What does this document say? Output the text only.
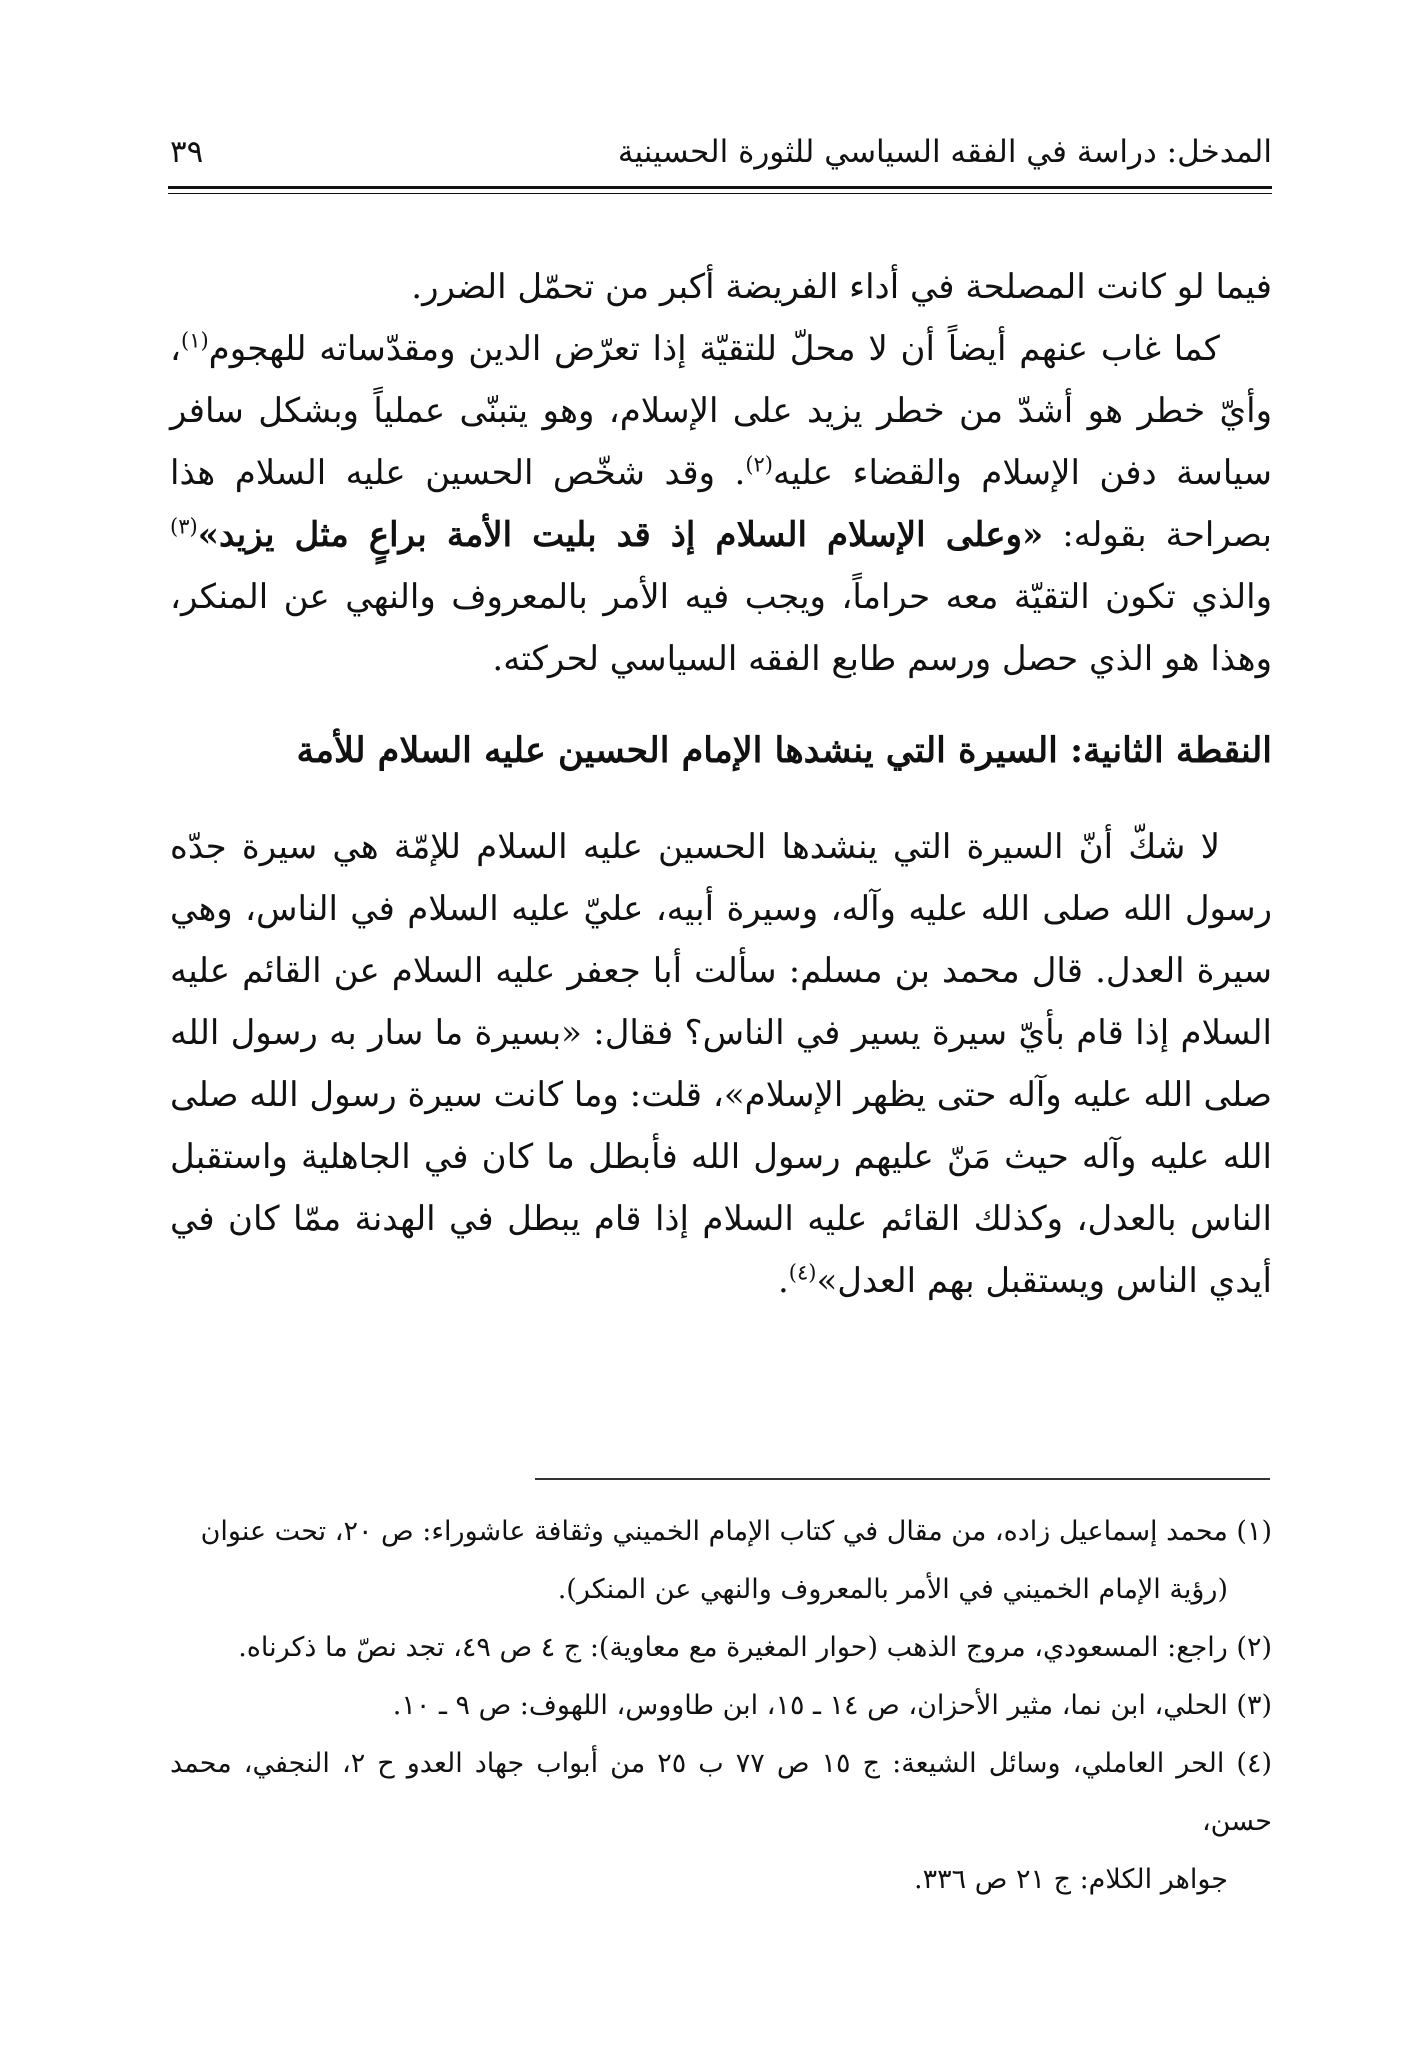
المدخل: دراسة في الفقه السياسي للثورة الحسينية
٣٩

فيما لو كانت المصلحة في أداء الفريضة أكبر من تحمّل الضرر.

كما غاب عنهم أيضاً أن لا محلّ للتقيّة إذا تعرّض الدين ومقدّساته للهجوم$^{(١)}$، وأيّ خطر هو أشدّ من خطر يزيد على الإسلام، وهو يتبنّى عملياً وبشكل سافر سياسة دفن الإسلام والقضاء عليه$^{(٢)}$. وقد شخّص الحسين عليه السلام هذا بصراحة بقوله: «وعلى الإسلام السلام إذ قد بليت الأمة براعٍ مثل يزيد»$^{(٣)}$ والذي تكون التقيّة معه حراماً، ويجب فيه الأمر بالمعروف والنهي عن المنكر، وهذا هو الذي حصل ورسم طابع الفقه السياسي لحركته.

النقطة الثانية: السيرة التي ينشدها الإمام الحسين عليه السلام للأمة

لا شكّ أنّ السيرة التي ينشدها الحسين عليه السلام للإمّة هي سيرة جدّه رسول الله صلى الله عليه وآله، وسيرة أبيه، عليّ عليه السلام في الناس، وهي سيرة العدل. قال محمد بن مسلم: سألت أبا جعفر عليه السلام عن القائم عليه السلام إذا قام بأيّ سيرة يسير في الناس؟ فقال: «بسيرة ما سار به رسول الله صلى الله عليه وآله حتى يظهر الإسلام»، قلت: وما كانت سيرة رسول الله صلى الله عليه وآله حيث مَنّ عليهم رسول الله فأبطل ما كان في الجاهلية واستقبل الناس بالعدل، وكذلك القائم عليه السلام إذا قام يبطل في الهدنة ممّا كان في أيدي الناس ويستقبل بهم العدل»$^{(٤)}$.

(١) محمد إسماعيل زاده، من مقال في كتاب الإمام الخميني وثقافة عاشوراء: ص ٢٠، تحت عنوان

(رؤية الإمام الخميني في الأمر بالمعروف والنهي عن المنكر).

(٢) راجع: المسعودي، مروج الذهب (حوار المغيرة مع معاوية): ج ٤ ص ٤٩، تجد نصّ ما ذكرناه.

(٣) الحلي، ابن نما، مثير الأحزان، ص ١٤ ـ ١٥، ابن طاووس، اللهوف: ص ٩ ـ ١٠.

(٤) الحر العاملي، وسائل الشيعة: ج ١٥ ص ٧٧ ب ٢٥ من أبواب جهاد العدو ح ٢، النجفي، محمد حسن،

جواهر الكلام: ج ٢١ ص ٣٣٦.
